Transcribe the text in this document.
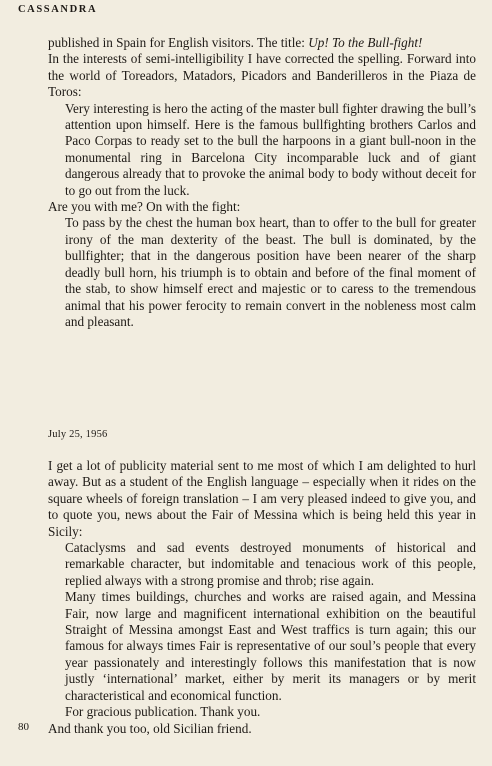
CASSANDRA

published in Spain for English visitors. The title: Up! To the Bull-fight!

In the interests of semi-intelligibility I have corrected the spelling. Forward into the world of Toreadors, Matadors, Picadors and Banderilleros in the Piaza de Toros:

Very interesting is hero the acting of the master bull fighter drawing the bull’s attention upon himself. Here is the famous bullfighting brothers Carlos and Paco Corpas to ready set to the bull the harpoons in a giant bull-noon in the monumental ring in Barcelona City incomparable luck and of giant dangerous already that to provoke the animal body to body without deceit for to go out from the luck.

Are you with me? On with the fight:

To pass by the chest the human box heart, than to offer to the bull for greater irony of the man dexterity of the beast. The bull is dominated, by the bullfighter; that in the dangerous position have been nearer of the sharp deadly bull horn, his triumph is to obtain and before of the final moment of the stab, to show himself erect and majestic or to caress to the tremendous animal that his power ferocity to remain convert in the nobleness most calm and pleasant.

July 25, 1956

I get a lot of publicity material sent to me most of which I am delighted to hurl away. But as a student of the English language – especially when it rides on the square wheels of foreign translation – I am very pleased indeed to give you, and to quote you, news about the Fair of Messina which is being held this year in Sicily:

Cataclysms and sad events destroyed monuments of historical and remarkable character, but indomitable and tenacious work of this people, replied always with a strong promise and throb; rise again.

Many times buildings, churches and works are raised again, and Messina Fair, now large and magnificent international exhibition on the beautiful Straight of Messina amongst East and West traffics is turn again; this our famous for always times Fair is representative of our soul’s people that every year passionately and interestingly follows this manifestation that is now justly ‘international’ market, either by merit its managers or by merit characteristical and economical function.

For gracious publication. Thank you.

And thank you too, old Sicilian friend.

80
